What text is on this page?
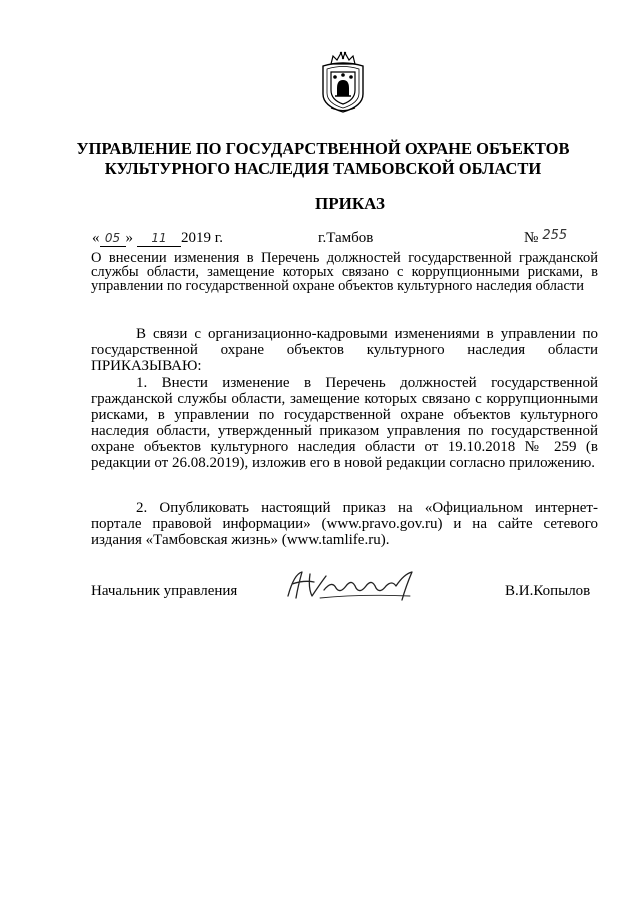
УПРАВЛЕНИЕ ПО ГОСУДАРСТВЕННОЙ ОХРАНЕ ОБЪЕКТОВ
КУЛЬТУРНОГО НАСЛЕДИЯ ТАМБОВСКОЙ ОБЛАСТИ
ПРИКАЗ
« 05 » 11 2019 г.	г.Тамбов	№ 255
О внесении изменения в Перечень должностей государственной гражданской службы области, замещение которых связано с коррупционными рисками, в управлении по государственной охране объектов культурного наследия области
В связи с организационно-кадровыми изменениями в управлении по государственной охране объектов культурного наследия области
ПРИКАЗЫВАЮ:
1. Внести изменение в Перечень должностей государственной гражданской службы области, замещение которых связано с коррупционными рисками, в управлении по государственной охране объектов культурного наследия области, утвержденный приказом управления по государственной охране объектов культурного наследия области от 19.10.2018 № 259 (в редакции от 26.08.2019), изложив его в новой редакции согласно приложению.
2. Опубликовать настоящий приказ на «Официальном интернет-портале правовой информации» (www.pravo.gov.ru) и на сайте сетевого издания «Тамбовская жизнь» (www.tamlife.ru).
Начальник управления	В.И.Копылов
